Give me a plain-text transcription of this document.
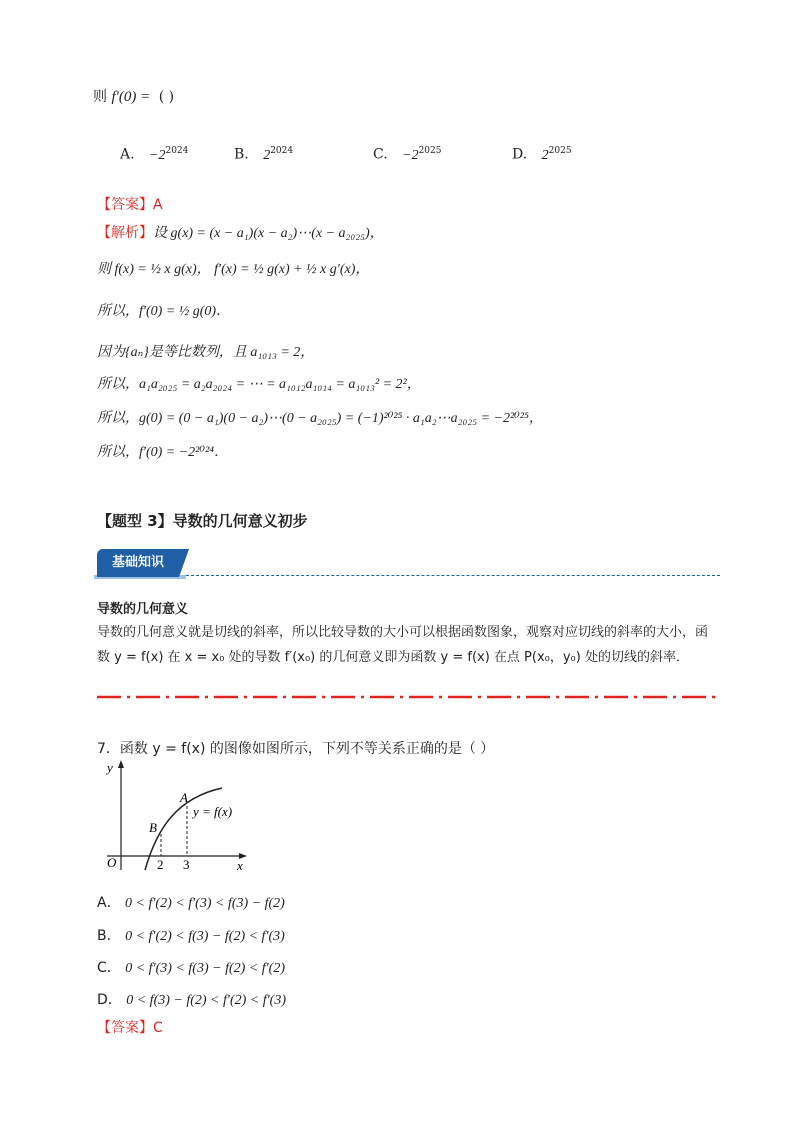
则 f′(0) = ( )
A. $-2^{2024}$	B. $2^{2024}$	C. $-2^{2025}$	D. $2^{2025}$
【答案】A
【解析】设 g(x) = (x − a₁)(x − a₂)⋯(x − a₂₀₂₅)，
则 f(x) = ½ x g(x)， f′(x) = ½ g(x) + ½ x g′(x)，
所以，f′(0) = ½ g(0)．
因为{aₙ}是等比数列，且 a₁₀₁₃ = 2，
所以，a₁a₂₀₂₅ = a₂a₂₀₂₄ = ⋯ = a₁₀₁₂a₁₀₁₄ = a₁₀₁₃² = 2²，
所以，g(0) = (0 − a₁)(0 − a₂)⋯(0 − a₂₀₂₅) = (−1)²⁰²⁵ · a₁a₂⋯a₂₀₂₅ = −2²⁰²⁵，
所以，f′(0) = −2²⁰²⁴．
【题型 3】导数的几何意义初步
基础知识
导数的几何意义
导数的几何意义就是切线的斜率，所以比较导数的大小可以根据函数图象，观察对应切线的斜率的大小，函数 y = f(x) 在 x = x₀ 处的导数 f′(x₀) 的几何意义即为函数 y = f(x) 在点 P(x₀，y₀) 处的切线的斜率．
7．函数 y = f(x) 的图像如图所示，下列不等关系正确的是（ ）
y
x
O
A
B
2 3
y = f(x)
A． 0 < f′(2) < f′(3) < f(3) − f(2)
B． 0 < f′(2) < f(3) − f(2) < f′(3)
C． 0 < f′(3) < f(3) − f(2) < f′(2)
D． 0 < f(3) − f(2) < f′(2) < f′(3)
【答案】C
